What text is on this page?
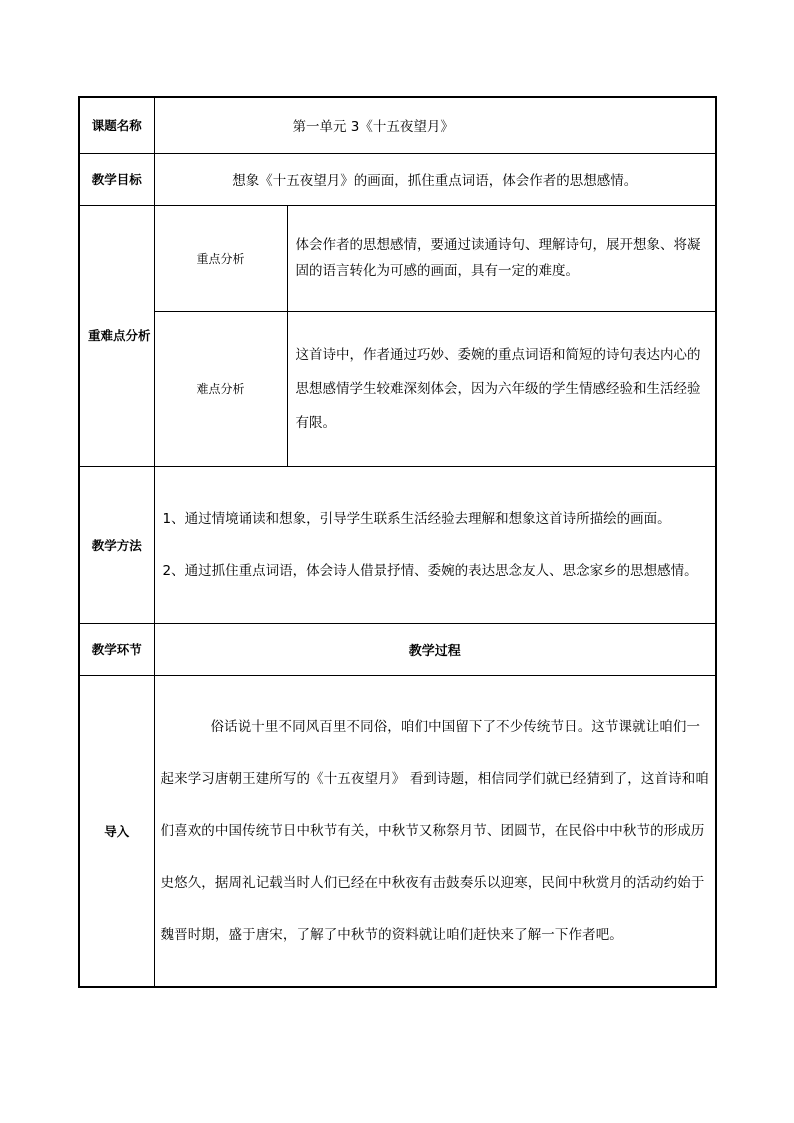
课题名称	第一单元 3《十五夜望月》	
教学目标	想象《十五夜望月》的画面，抓住重点词语，体会作者的思想感情。	
重难点分析	重点分析	体会作者的思想感情，要通过读通诗句、理解诗句，展开想象、将凝固的语言转化为可感的画面，具有一定的难度。
	难点分析	这首诗中，作者通过巧妙、委婉的重点词语和简短的诗句表达内心的思想感情学生较难深刻体会，因为六年级的学生情感经验和生活经验有限。
教学方法	1、通过情境诵读和想象，引导学生联系生活经验去理解和想象这首诗所描绘的画面。
2、通过抓住重点词语，体会诗人借景抒情、委婉的表达思念友人、思念家乡的思想感情。	

教学环节	教学过程	
导入	俗话说十里不同风百里不同俗，咱们中国留下了不少传统节日。这节课就让咱们一起来学习唐朝王建所写的《十五夜望月》 看到诗题，相信同学们就已经猜到了，这首诗和咱们喜欢的中国传统节日中秋节有关，中秋节又称祭月节、团圆节，在民俗中中秋节的形成历史悠久，据周礼记载当时人们已经在中秋夜有击鼓奏乐以迎寒，民间中秋赏月的活动约始于魏晋时期，盛于唐宋，了解了中秋节的资料就让咱们赶快来了解一下作者吧。	
